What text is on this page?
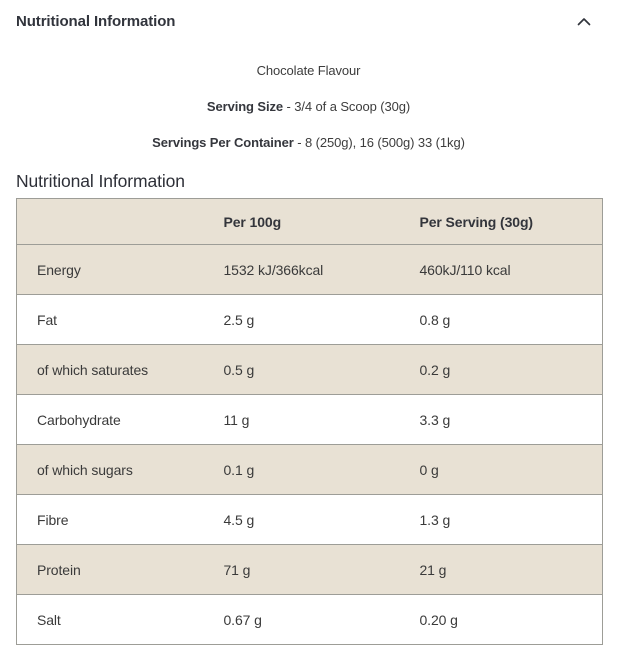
Nutritional Information

Chocolate Flavour

Serving Size - 3/4 of a Scoop (30g)

Servings Per Container - 8 (250g), 16 (500g) 33 (1kg)

Nutritional Information
	Per 100g	Per Serving (30g)
Energy	1532 kJ/366kcal	460kJ/110 kcal
Fat	2.5 g	0.8 g
of which saturates	0.5 g	0.2 g
Carbohydrate	11 g	3.3 g
of which sugars	0.1 g	0 g
Fibre	4.5 g	1.3 g
Protein	71 g	21 g
Salt	0.67 g	0.20 g
